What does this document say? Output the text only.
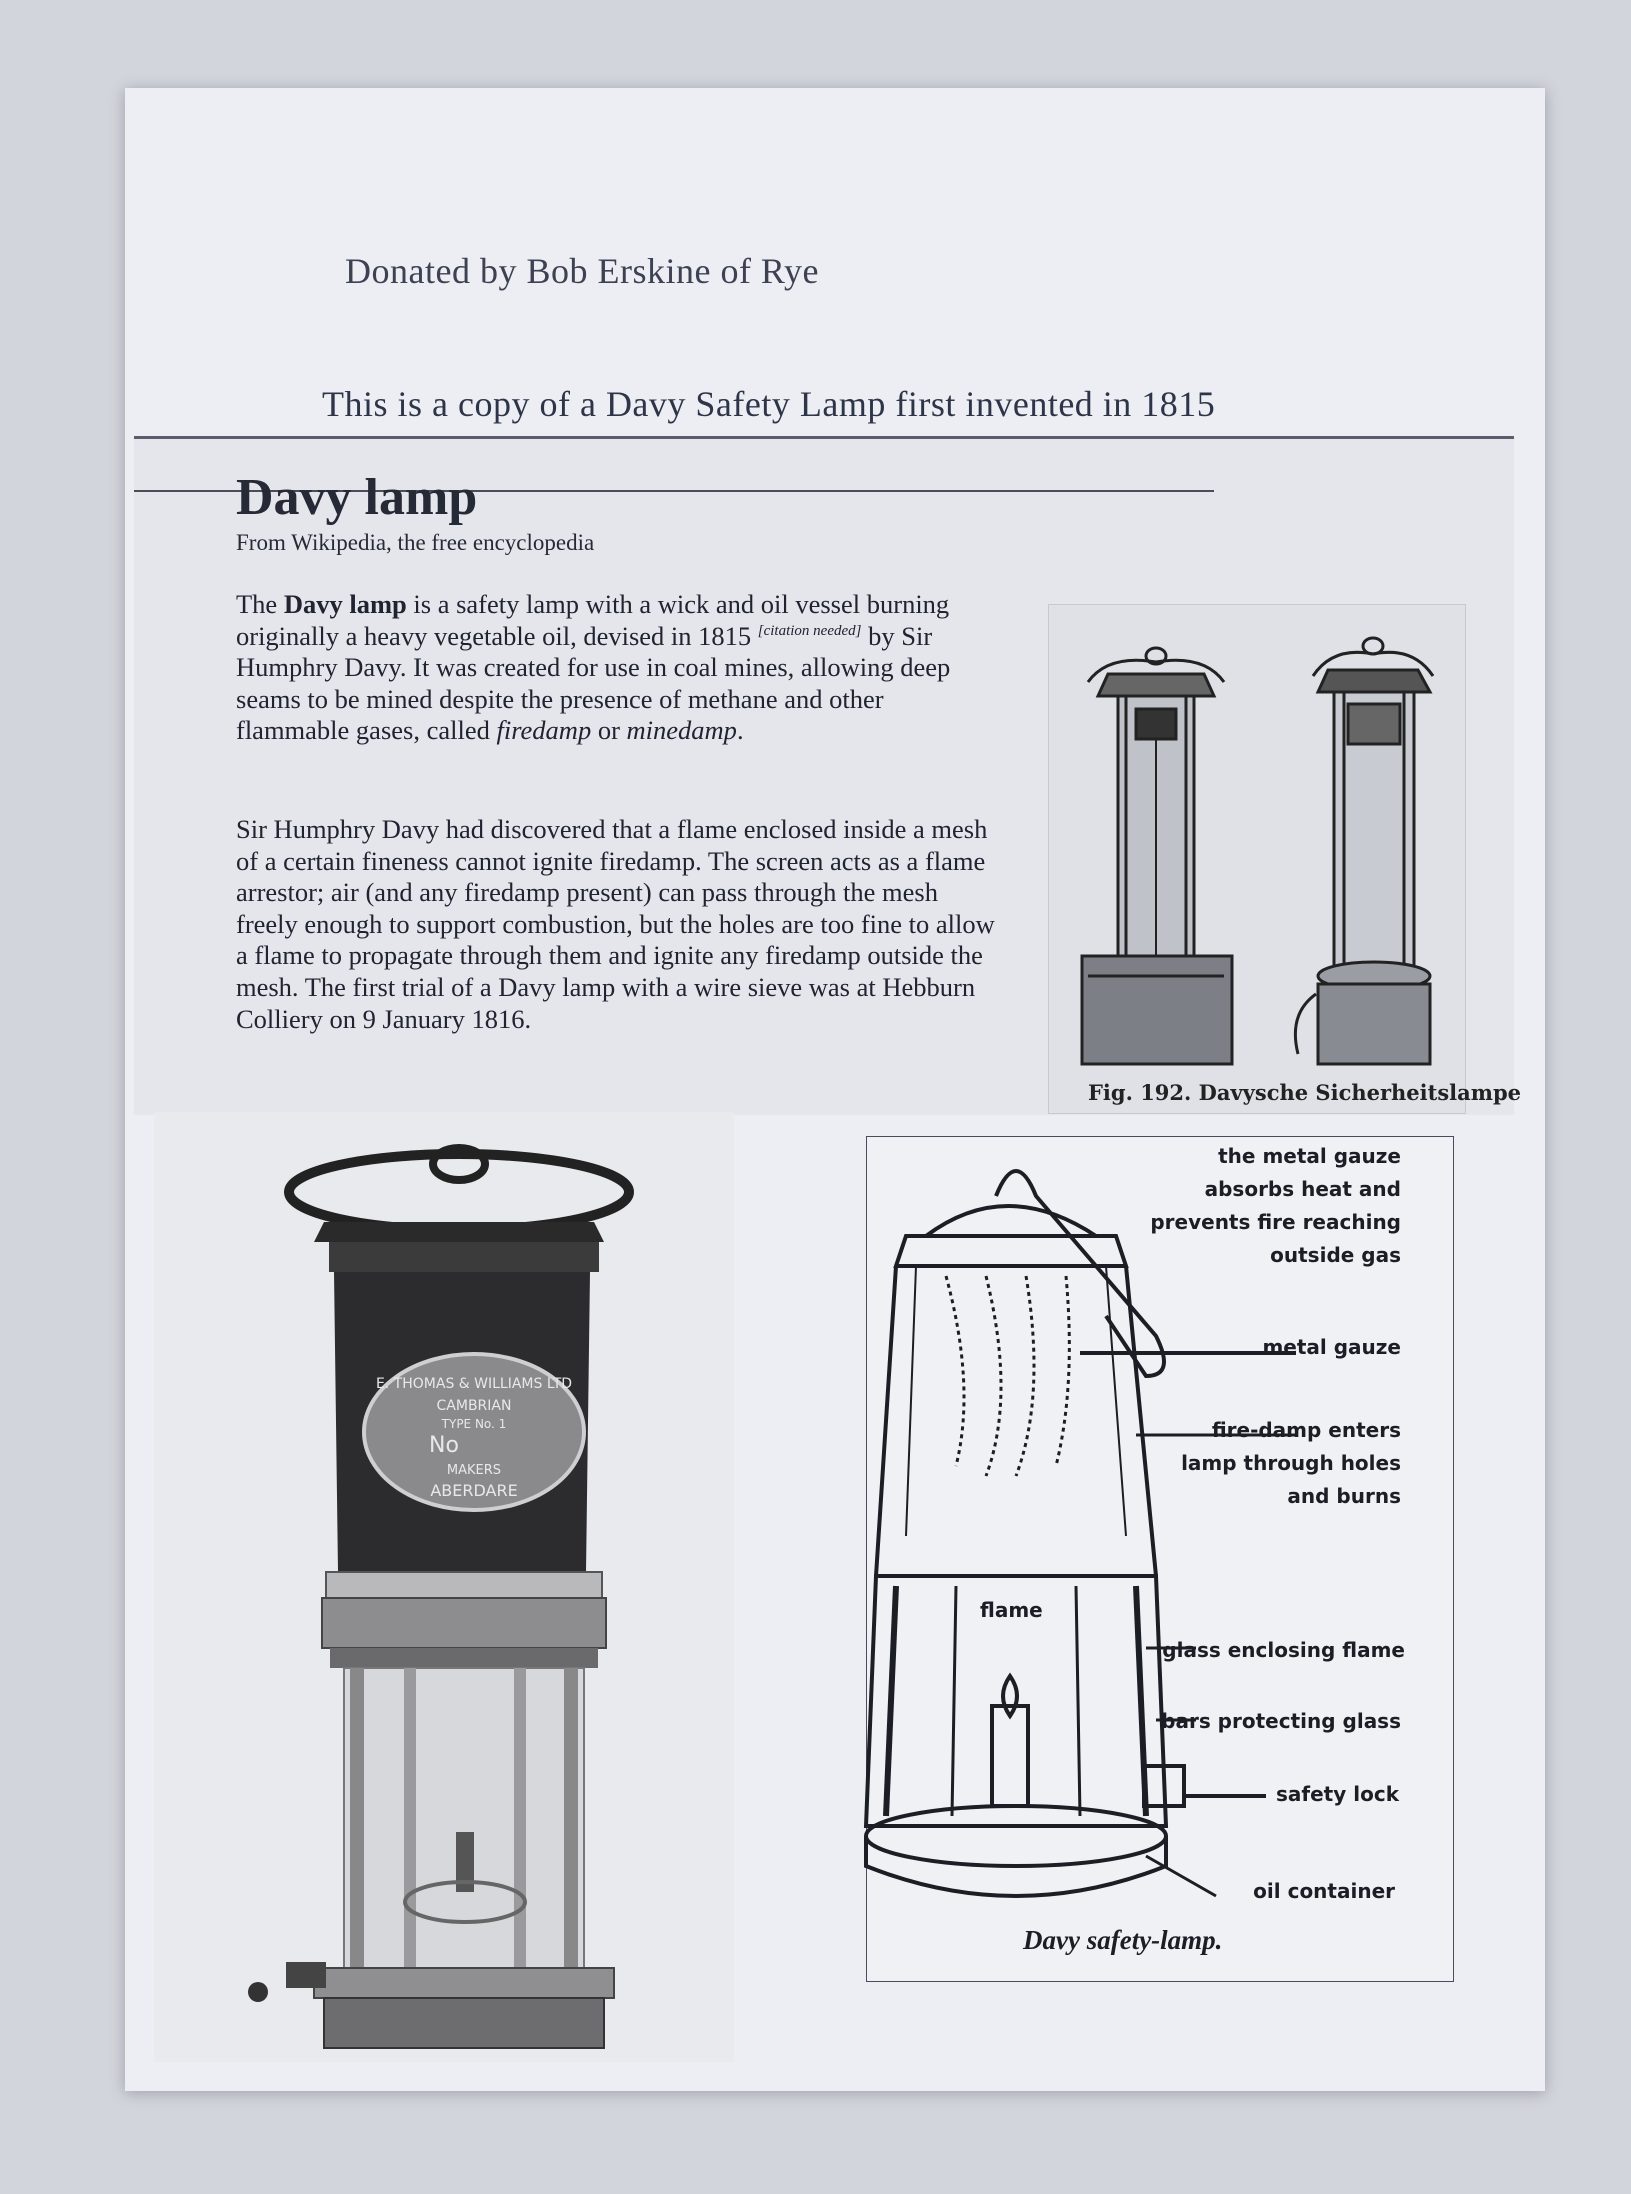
Donated by Bob Erskine of Rye
This is a copy of a Davy Safety Lamp first invented in 1815
Davy lamp
From Wikipedia, the free encyclopedia
The Davy lamp is a safety lamp with a wick and oil vessel burning originally a heavy vegetable oil, devised in 1815 [citation needed] by Sir Humphry Davy. It was created for use in coal mines, allowing deep seams to be mined despite the presence of methane and other flammable gases, called firedamp or minedamp.
Sir Humphry Davy had discovered that a flame enclosed inside a mesh of a certain fineness cannot ignite firedamp. The screen acts as a flame arrestor; air (and any firedamp present) can pass through the mesh freely enough to support combustion, but the holes are too fine to allow a flame to propagate through them and ignite any firedamp outside the mesh. The first trial of a Davy lamp with a wire sieve was at Hebburn Colliery on 9 January 1816.
Fig. 192. Davysche Sicherheitslampe
E. THOMAS & WILLIAMS LTD
CAMBRIAN
TYPE No. 1
No
MAKERS
ABERDARE
the metal gauze absorbs heat and prevents fire reaching outside gas
metal gauze
fire-damp enters lamp through holes and burns
flame
glass enclosing flame
bars protecting glass
safety lock
oil container
Davy safety-lamp.
